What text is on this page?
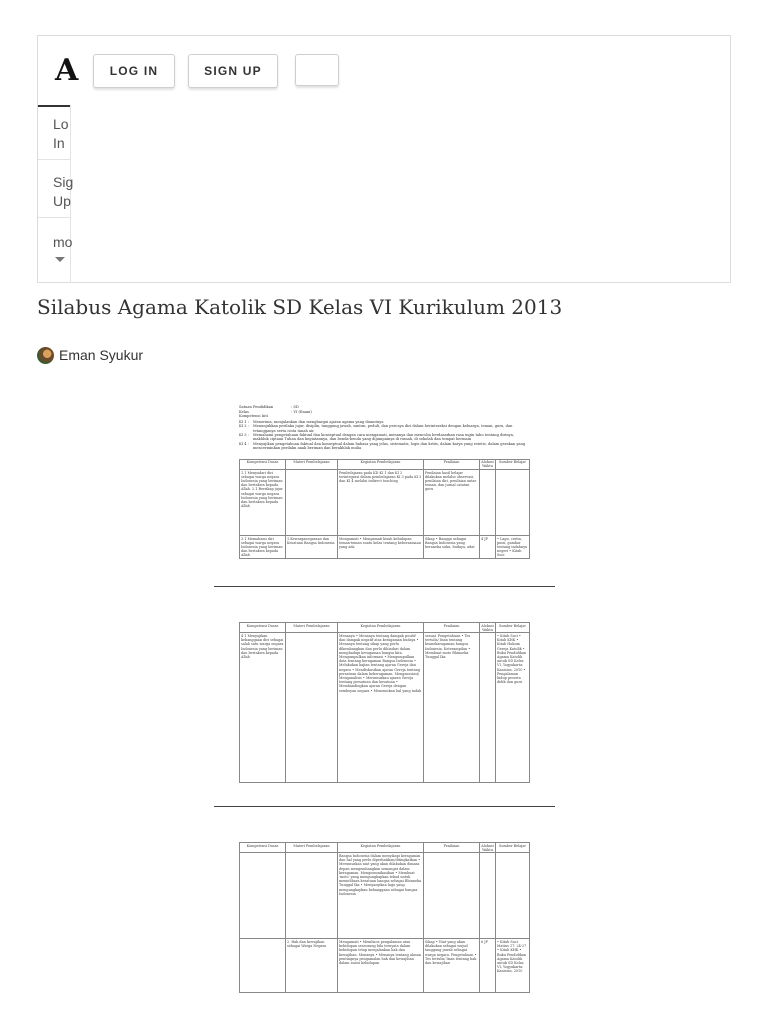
A	LOG IN	SIGN UP
Lo In
Sig Up
mo
Silabus Agama Katolik SD Kelas VI Kurikulum 2013
Eman Syukur
Satuan Pendidikan	: SD
Kelas	: VI (Enam)
Kompetensi Inti
KI 1 :	Menerima, menjalankan dan menghargai ajaran agama yang dianutnya
KI 2 :	Menunjukkan perilaku jujur, disiplin, tanggung jawab, santun, peduli, dan percaya diri dalam berinteraksi dengan keluarga, teman, guru, dan tetangganya serta cinta tanah air
KI 3 :	Memahami pengetahuan faktual dan konseptual dengan cara mengamati, menanya dan mencoba berdasarkan rasa ingin tahu tentang dirinya, makhluk ciptaan Tuhan dan kegiatannya, dan benda-benda yang dijumpainya di rumah, di sekolah dan tempat bermain
KI 4 :	Menyajikan pengetahuan faktual dan konseptual dalam bahasa yang jelas, sistematis, logis dan kritis, dalam karya yang estetis, dalam gerakan yang mencerminkan perilaku anak beriman dan berakhlak mulia
Kompetensi Dasar	Materi Pembelajaran	Kegiatan Pembelajaran	Penilaian	Alokasi Waktu	Sumber Belajar
1.1 Menyadari diri sebagai warga negara Indonesia yang beriman dan bertakwa kepada Allah. 2.1 Bersikap jujur sebagai warga negara Indonesia yang beriman dan bertakwa kepada Allah		Pembelajaran pada KD KI 1 dan KI 2 terintegrasi dalam pembelajaran KI 3 pada KI 3 dan KI 4 melalui indirect teaching	Penilaian hasil belajar dilakukan melalui observasi, penilaian diri, penilaian antar teman, dan jurnal catatan guru		
3.1 Memahami diri sebagai warga negara Indonesia yang beriman dan bertakwa kepada Allah	1.Kewarganegaraan dan Kesatuan Bangsa Indonesia	Mengamati • Mengamati kisah kehidupan teman-teman suatu kelas tentang kebersamaan yang ada	Sikap • Bangga sebagai Bangsa Indonesia yang beraneka suku, budaya, adat	4 JP	• Lagu, cerita, puisi, gambar tentang indahnya negeri • Kitab Suci
Kompetensi Dasar	Materi Pembelajaran	Kegiatan Pembelajaran	Penilaian	Alokasi Waktu	Sumber Belajar
4.1 Menyajikan kebanggaan diri sebagai salah satu warga negara Indonesia yang beriman dan bertakwa kepada Allah		Menanya • Menanya tentang dampak positif dan dampak negatif atas keragaman budaya • Menanya tentang sikap yang perlu dikembangkan dan perlu dihindari dalam menghadapi keragaman bangsa kita. Mengumpulkan informasi • Mengumpulkan data tentang keragaman Bangsa Indonesia • Melakukan kajian tentang ajaran Gereja dan negara • Mendiskusikan ajaran Gereja tentang persatuan dalam keberagaman. Mengasosiasi/ Menganalisis • Merumuskan ajaran Gereja tentang persatuan dan kesatuan • Membandingkan ajaran Gereja dengan semboyan negara • Menemukan hal yang indah	sesuai. Pengetahuan • Tes tertulis/ lisan tentang keanekaragaman bangsa Indonesia. Keterampilan • Membuat moto Bhinneka Tunggal Ika		• Kitab Suci • Kitab KHK • Kitab Hukum Gereja Katolik • Buku Pendidikan Agama Katolik untuk SD Kelas VI, Yogyakarta: Kanisius, 2010 • Pengalaman hidup peserta didik dan guru
Kompetensi Dasar	Materi Pembelajaran	Kegiatan Pembelajaran	Penilaian	Alokasi Waktu	Sumber Belajar
		Bangsa Indonesia dalam menyikapi keragaman dan hal yang perlu diperhatikan/ditingkatkan • Merumuskan niat yang akan dilakukan dimasa depan mengembangkan semangat dalam keragaman. Mengomunikasikan • Membuat 'moto' yang mengungkapkan tekad untuk memelihara kesatuan bangsa sebagai Bhinneka Tunggal Ika • Menyanyikan lagu yang mengungkapkan kebanggaan sebagai bangsa Indonesia			
	2. Hak dan kewajiban sebagai Warga Negara	Mengamati • Membaca pengalaman atau kehidupan seseorang bila ternyata dalam kehidupan tetap menjalankan hak dan kewajiban. Menanya • Menanya tentang alasan pentingnya pengamalan hak dan kewajiban dalam suatu kehidupan	Sikap • Niat yang akan dilakukan sebagai wujud tanggung jawab sebagai warga negara. Pengetahuan • Tes tertulis/ lisan tentang hak dan kewajiban	6 JP	• Kitab Suci Matius 17: 24-27 • Kitab KHK • Buku Pendidikan Agama Katolik untuk SD Kelas VI, Yogyakarta: Kanisius, 2010
